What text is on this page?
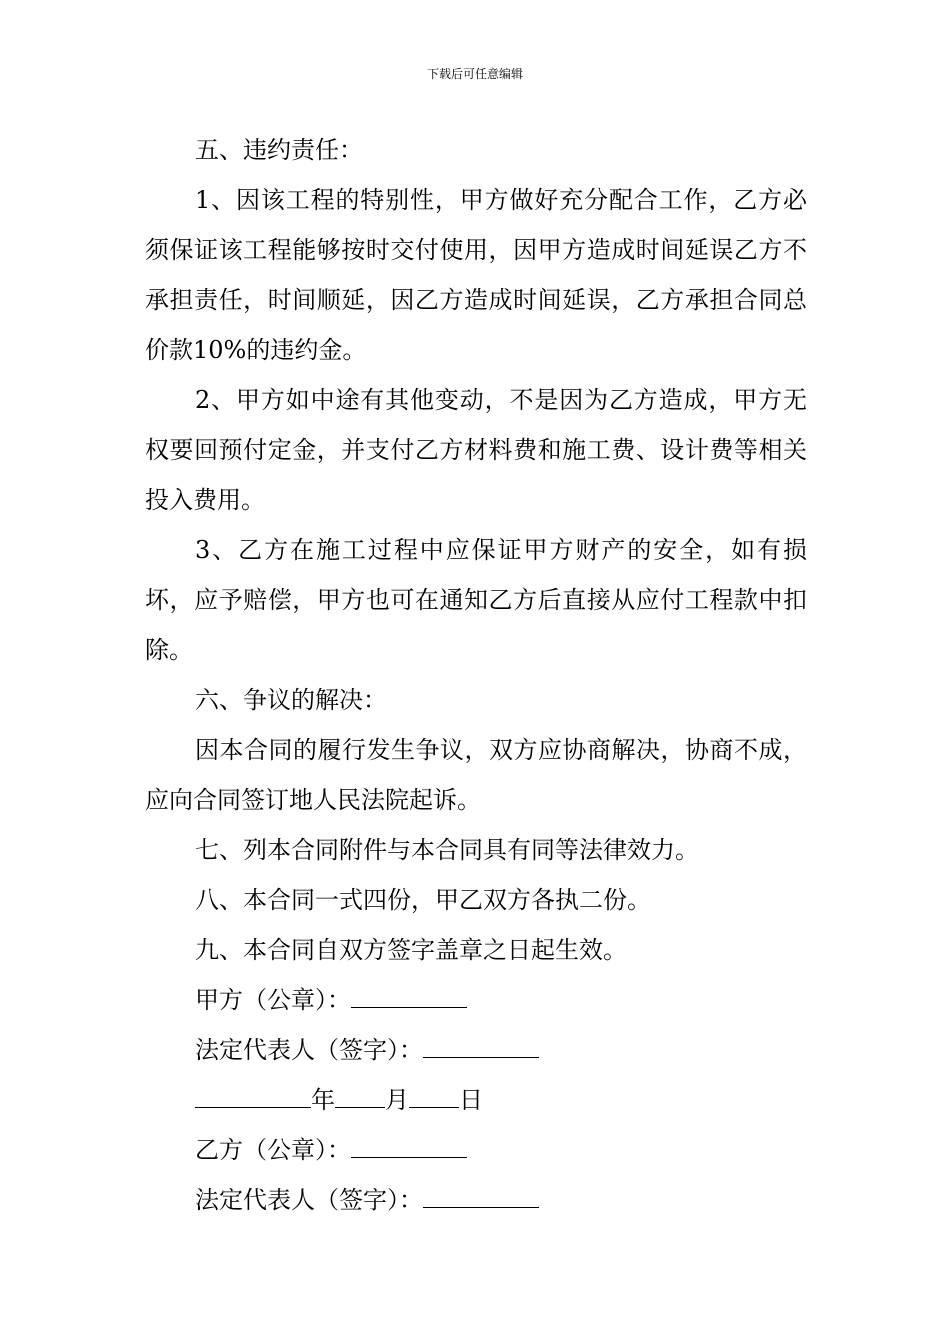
下载后可任意编辑

五、违约责任：

1、因该工程的特别性，甲方做好充分配合工作，乙方必须保证该工程能够按时交付使用，因甲方造成时间延误乙方不承担责任，时间顺延，因乙方造成时间延误，乙方承担合同总价款10%的违约金。

2、甲方如中途有其他变动，不是因为乙方造成，甲方无权要回预付定金，并支付乙方材料费和施工费、设计费等相关投入费用。

3、乙方在施工过程中应保证甲方财产的安全，如有损坏，应予赔偿，甲方也可在通知乙方后直接从应付工程款中扣除。

六、争议的解决：

因本合同的履行发生争议，双方应协商解决，协商不成，应向合同签订地人民法院起诉。

七、列本合同附件与本合同具有同等法律效力。

八、本合同一式四份，甲乙双方各执二份。

九、本合同自双方签字盖章之日起生效。

甲方（公章）：

法定代表人（签字）：

年 月 日

乙方（公章）：

法定代表人（签字）：
